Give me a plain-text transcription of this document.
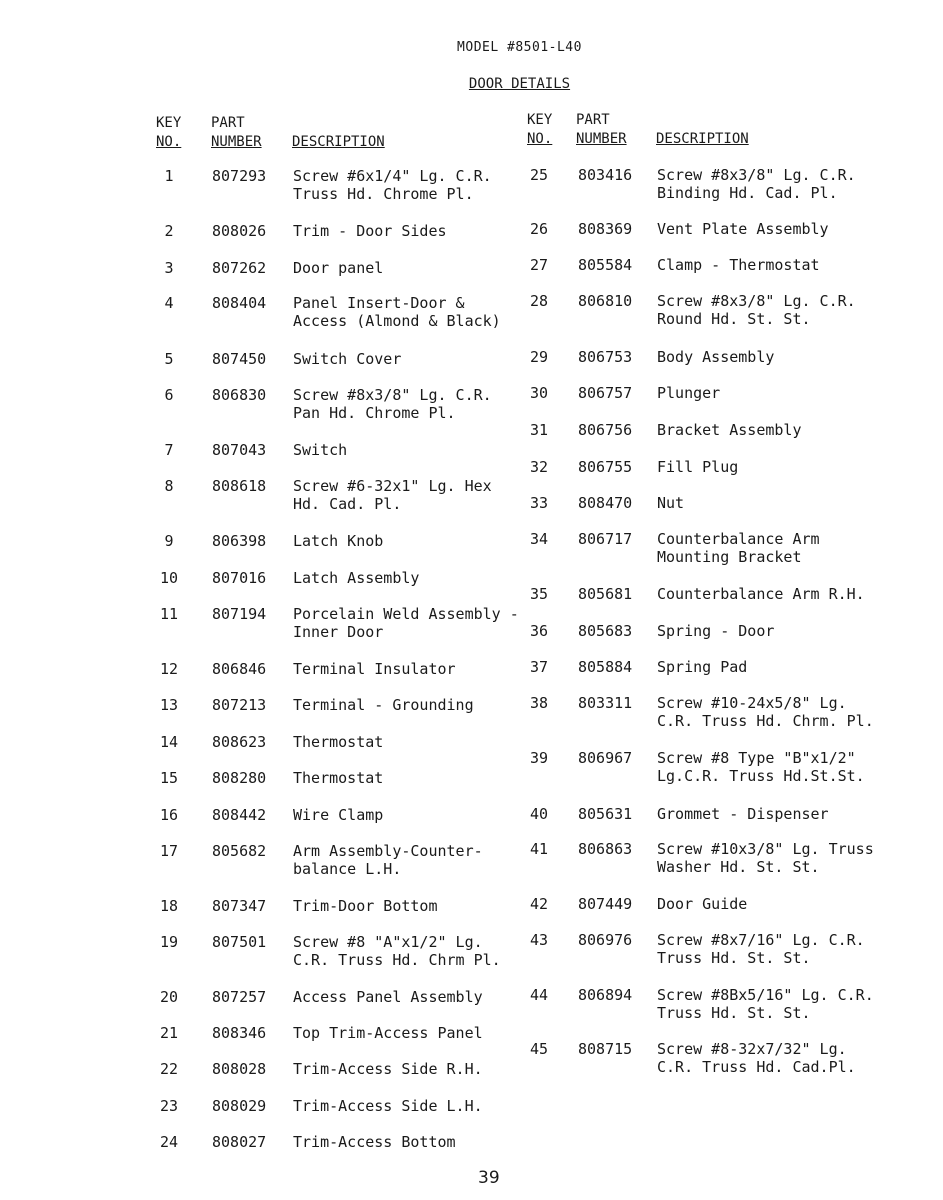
MODEL #8501-L40
DOOR DETAILS
KEY
NO.
PART
NUMBER DESCRIPTION
KEY
NO.
PART
NUMBER DESCRIPTION
1	807293 Screw #6x1/4" Lg. C.R.
Truss Hd. Chrome Pl.
2	808026 Trim - Door Sides
3	807262 Door panel
4	808404 Panel Insert-Door &
Access (Almond & Black)
5	807450 Switch Cover
6	806830 Screw #8x3/8" Lg. C.R.
Pan Hd. Chrome Pl.
7	807043 Switch
8	808618 Screw #6-32x1" Lg. Hex
Hd. Cad. Pl.
9	806398 Latch Knob
10 807016 Latch Assembly
11 807194 Porcelain Weld Assembly -
Inner Door
12 806846 Terminal Insulator
13 807213 Terminal - Grounding
14 808623 Thermostat
15 808280 Thermostat
16 808442 Wire Clamp
17 805682 Arm Assembly-Counter-
balance L.H.
18 807347 Trim-Door Bottom
19 807501 Screw #8 "A"x1/2" Lg.
C.R. Truss Hd. Chrm Pl.
20 807257 Access Panel Assembly
21 808346 Top Trim-Access Panel
22 808028 Trim-Access Side R.H.
23 808029 Trim-Access Side L.H.
24 808027 Trim-Access Bottom
25 803416 Screw #8x3/8" Lg. C.R.
Binding Hd. Cad. Pl.
26 808369 Vent Plate Assembly
27 805584 Clamp - Thermostat
28 806810 Screw #8x3/8" Lg. C.R.
Round Hd. St. St.
29 806753 Body Assembly
30 806757 Plunger
31 806756 Bracket Assembly
32 806755 Fill Plug
33 808470 Nut
34 806717 Counterbalance Arm
Mounting Bracket
35 805681 Counterbalance Arm R.H.
36 805683 Spring - Door
37 805884 Spring Pad
38 803311 Screw #10-24x5/8" Lg.
C.R. Truss Hd. Chrm. Pl.
39 806967 Screw #8 Type "B"x1/2"
Lg.C.R. Truss Hd.St.St.
40 805631 Grommet - Dispenser
41 806863 Screw #10x3/8" Lg. Truss
Washer Hd. St. St.
42 807449 Door Guide
43 806976 Screw #8x7/16" Lg. C.R.
Truss Hd. St. St.
44 806894 Screw #8Bx5/16" Lg. C.R.
Truss Hd. St. St.
45 808715 Screw #8-32x7/32" Lg.
C.R. Truss Hd. Cad.Pl.
39
